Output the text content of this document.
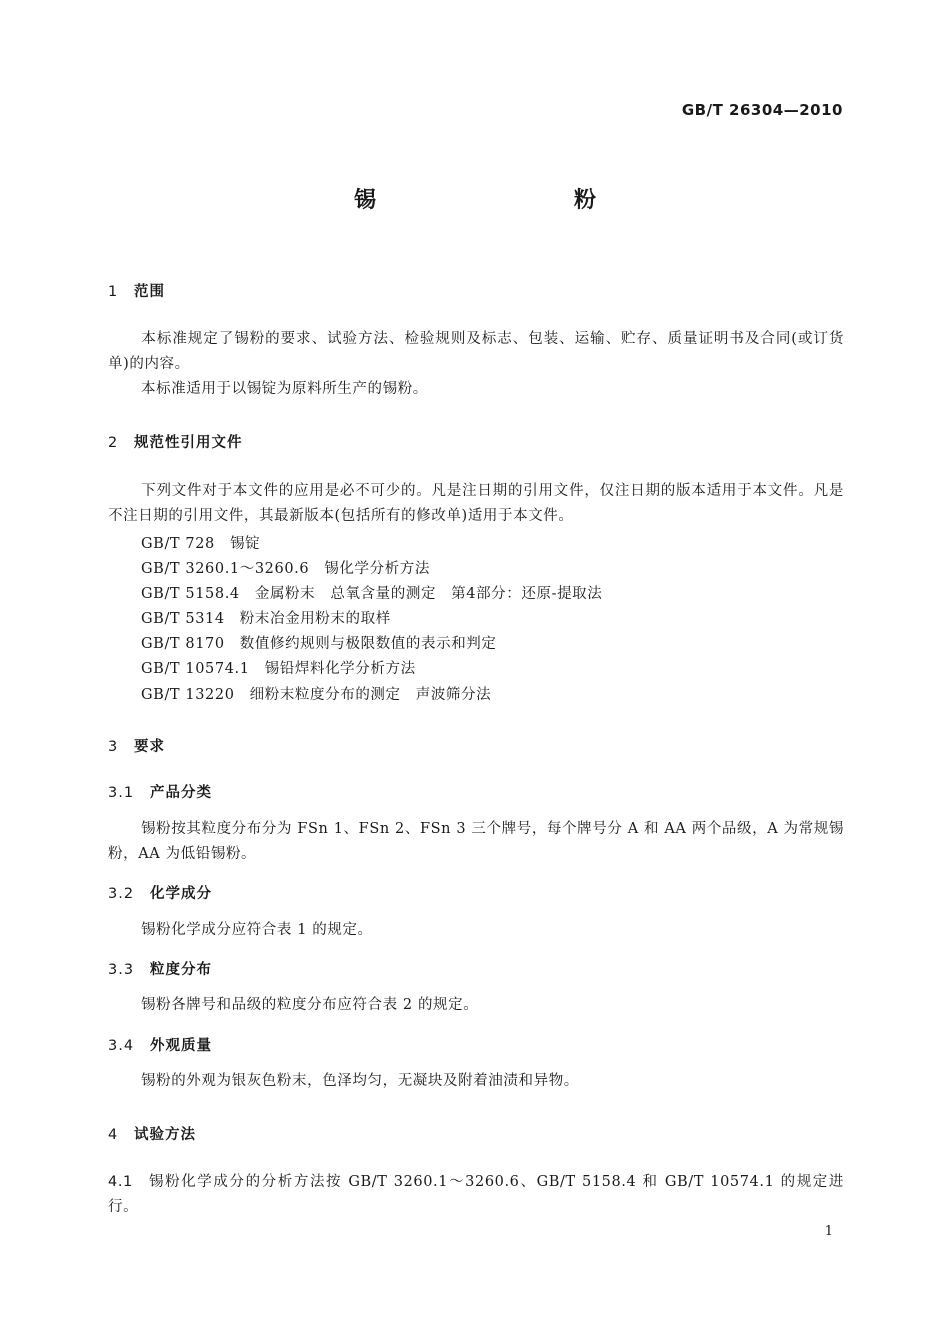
GB/T 26304—2010
锡　粉
1 范围
本标准规定了锡粉的要求、试验方法、检验规则及标志、包装、运输、贮存、质量证明书及合同(或订货单)的内容。
本标准适用于以锡锭为原料所生产的锡粉。
2 规范性引用文件
下列文件对于本文件的应用是必不可少的。凡是注日期的引用文件，仅注日期的版本适用于本文件。凡是不注日期的引用文件，其最新版本(包括所有的修改单)适用于本文件。
GB/T 728　锡锭
GB/T 3260.1～3260.6　锡化学分析方法
GB/T 5158.4　金属粉末　总氧含量的测定　第4部分：还原-提取法
GB/T 5314　粉末冶金用粉末的取样
GB/T 8170　数值修约规则与极限数值的表示和判定
GB/T 10574.1　锡铅焊料化学分析方法
GB/T 13220　细粉末粒度分布的测定　声波筛分法
3 要求
3.1 产品分类
锡粉按其粒度分布分为 FSn 1、FSn 2、FSn 3 三个牌号，每个牌号分 A 和 AA 两个品级，A 为常规锡粉，AA 为低铅锡粉。
3.2 化学成分
锡粉化学成分应符合表 1 的规定。
3.3 粒度分布
锡粉各牌号和品级的粒度分布应符合表 2 的规定。
3.4 外观质量
锡粉的外观为银灰色粉末，色泽均匀，无凝块及附着油渍和异物。
4 试验方法
4.1 锡粉化学成分的分析方法按 GB/T 3260.1～3260.6、GB/T 5158.4 和 GB/T 10574.1 的规定进行。
1
